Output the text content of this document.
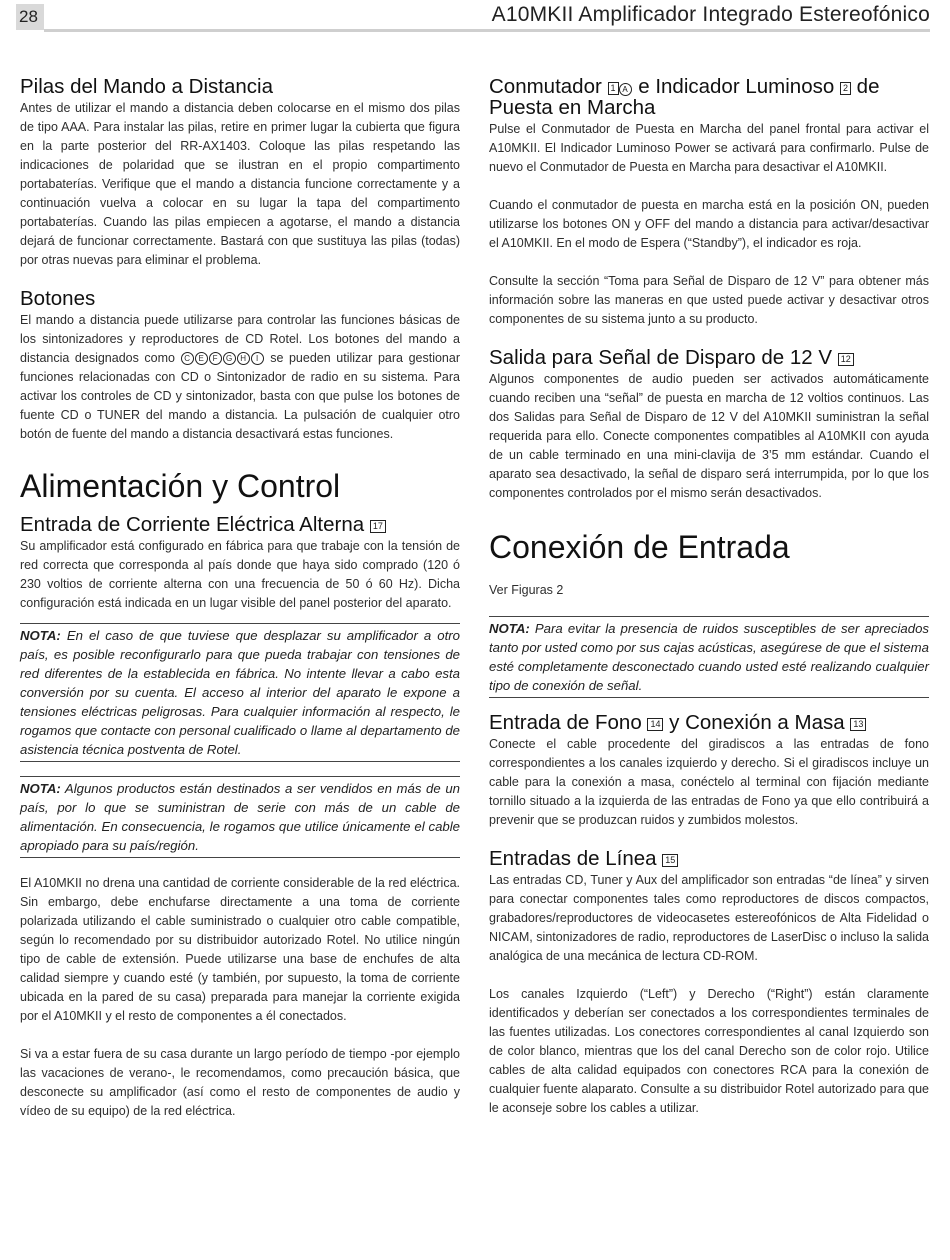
28	A10MKII Amplificador Integrado Estereofónico
Pilas del Mando a Distancia

Antes de utilizar el mando a distancia deben colocarse en el mismo dos pilas de tipo AAA. Para instalar las pilas, retire en primer lugar la cubierta que figura en la parte posterior del RR-AX1403. Coloque las pilas respetando las indicaciones de polaridad que se ilustran en el propio compartimento portabaterías. Verifique que el mando a distancia funcione correctamente y a continuación vuelva a colocar en su lugar la tapa del compartimento portabaterías. Cuando las pilas empiecen a agotarse, el mando a distancia dejará de funcionar correctamente. Bastará con que sustituya las pilas (todas) por otras nuevas para eliminar el problema.

Botones

El mando a distancia puede utilizarse para controlar las funciones básicas de los sintonizadores y reproductores de CD Rotel. Los botones del mando a distancia designados como C E F G H I se pueden utilizar para gestionar funciones relacionadas con CD o Sintonizador de radio en su sistema. Para activar los controles de CD y sintonizador, basta con que pulse los botones de fuente CD o TUNER del mando a distancia. La pulsación de cualquier otro botón de fuente del mando a distancia desactivará estas funciones.

Alimentación y Control
Entrada de Corriente Eléctrica Alterna 17

Su amplificador está configurado en fábrica para que trabaje con la tensión de red correcta que corresponda al país donde que haya sido comprado (120 ó 230 voltios de corriente alterna con una frecuencia de 50 ó 60 Hz). Dicha configuración está indicada en un lugar visible del panel posterior del aparato.

NOTA: En el caso de que tuviese que desplazar su amplificador a otro país, es posible reconfigurarlo para que pueda trabajar con tensiones de red diferentes de la establecida en fábrica. No intente llevar a cabo esta conversión por su cuenta. El acceso al interior del aparato le expone a tensiones eléctricas peligrosas. Para cualquier información al respecto, le rogamos que contacte con personal cualificado o llame al departamento de asistencia técnica postventa de Rotel.
NOTA: Algunos productos están destinados a ser vendidos en más de un país, por lo que se suministran de serie con más de un cable de alimentación. En consecuencia, le rogamos que utilice únicamente el cable apropiado para su país/región.

El A10MKII no drena una cantidad de corriente considerable de la red eléctrica. Sin embargo, debe enchufarse directamente a una toma de corriente polarizada utilizando el cable suministrado o cualquier otro cable compatible, según lo recomendado por su distribuidor autorizado Rotel. No utilice ningún tipo de cable de extensión. Puede utilizarse una base de enchufes de alta calidad siempre y cuando esté (y también, por supuesto, la toma de corriente ubicada en la pared de su casa) preparada para manejar la corriente exigida por el A10MKII y el resto de componentes a él conectados.

Si va a estar fuera de su casa durante un largo período de tiempo -por ejemplo las vacaciones de verano-, le recomendamos, como precaución básica, que desconecte su amplificador (así como el resto de componentes de audio y vídeo de su equipo) de la red eléctrica.

Conmutador 1 A e Indicador Luminoso 2 de Puesta en Marcha

Pulse el Conmutador de Puesta en Marcha del panel frontal para activar el A10MKII. El Indicador Luminoso Power se activará para confirmarlo. Pulse de nuevo el Conmutador de Puesta en Marcha para desactivar el A10MKII.

Cuando el conmutador de puesta en marcha está en la posición ON, pueden utilizarse los botones ON y OFF del mando a distancia para activar/desactivar el A10MKII. En el modo de Espera (“Standby”), el indicador es roja.

Consulte la sección “Toma para Señal de Disparo de 12 V” para obtener más información sobre las maneras en que usted puede activar y desactivar otros componentes de su sistema junto a su producto.

Salida para Señal de Disparo de 12 V 12

Algunos componentes de audio pueden ser activados automáticamente cuando reciben una “señal” de puesta en marcha de 12 voltios continuos. Las dos Salidas para Señal de Disparo de 12 V del A10MKII suministran la señal requerida para ello. Conecte componentes compatibles al A10MKII con ayuda de un cable terminado en una mini-clavija de 3’5 mm estándar. Cuando el aparato sea desactivado, la señal de disparo será interrumpida, por lo que los componentes controlados por el mismo serán desactivados.

Conexión de Entrada

Ver Figuras 2

NOTA: Para evitar la presencia de ruidos susceptibles de ser apreciados tanto por usted como por sus cajas acústicas, asegúrese de que el sistema esté completamente desconectado cuando usted esté realizando cualquier tipo de conexión de señal.
Entrada de Fono 14 y Conexión a Masa 13

Conecte el cable procedente del giradiscos a las entradas de fono correspondientes a los canales izquierdo y derecho. Si el giradiscos incluye un cable para la conexión a masa, conéctelo al terminal con fijación mediante tornillo situado a la izquierda de las entradas de Fono ya que ello contribuirá a prevenir que se produzcan ruidos y zumbidos molestos.

Entradas de Línea 15

Las entradas CD, Tuner y Aux del amplificador son entradas “de línea” y sirven para conectar componentes tales como reproductores de discos compactos, grabadores/reproductores de videocasetes estereofónicos de Alta Fidelidad o NICAM, sintonizadores de radio, reproductores de LaserDisc o incluso la salida analógica de una mecánica de lectura CD-ROM.

Los canales Izquierdo (“Left”) y Derecho (“Right”) están claramente identificados y deberían ser conectados a los correspondientes terminales de las fuentes utilizadas. Los conectores correspondientes al canal Izquierdo son de color blanco, mientras que los del canal Derecho son de color rojo. Utilice cables de alta calidad equipados con conectores RCA para la conexión de cualquier fuente alaparato. Consulte a su distribuidor Rotel autorizado para que le aconseje sobre los cables a utilizar.
